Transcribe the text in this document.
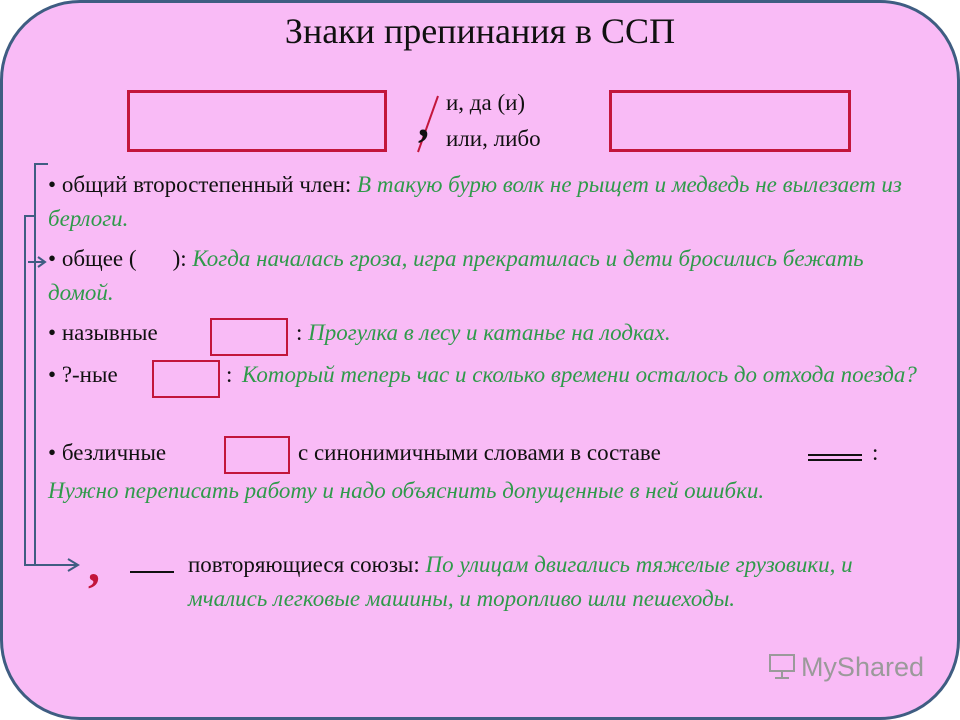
Знаки препинания в ССП
, и, да (и)
или, либо
• общий второстепенный член: В такую бурю волк не рыщет и медведь не вылезает из берлоги.
• общее ( ): Когда началась гроза, игра прекратилась и дети бросились бежать домой.
• назывные	: Прогулка в лесу и катанье на лодках.
• ?-ные	: Который теперь час и сколько времени осталось до отхода поезда?
• безличные	с синонимичными словами в составе	:
Нужно переписать работу и надо объяснить допущенные в ней ошибки.
,	повторяющиеся союзы: По улицам двигались тяжелые грузовики, и мчались легковые машины, и торопливо шли пешеходы.
MyShared
